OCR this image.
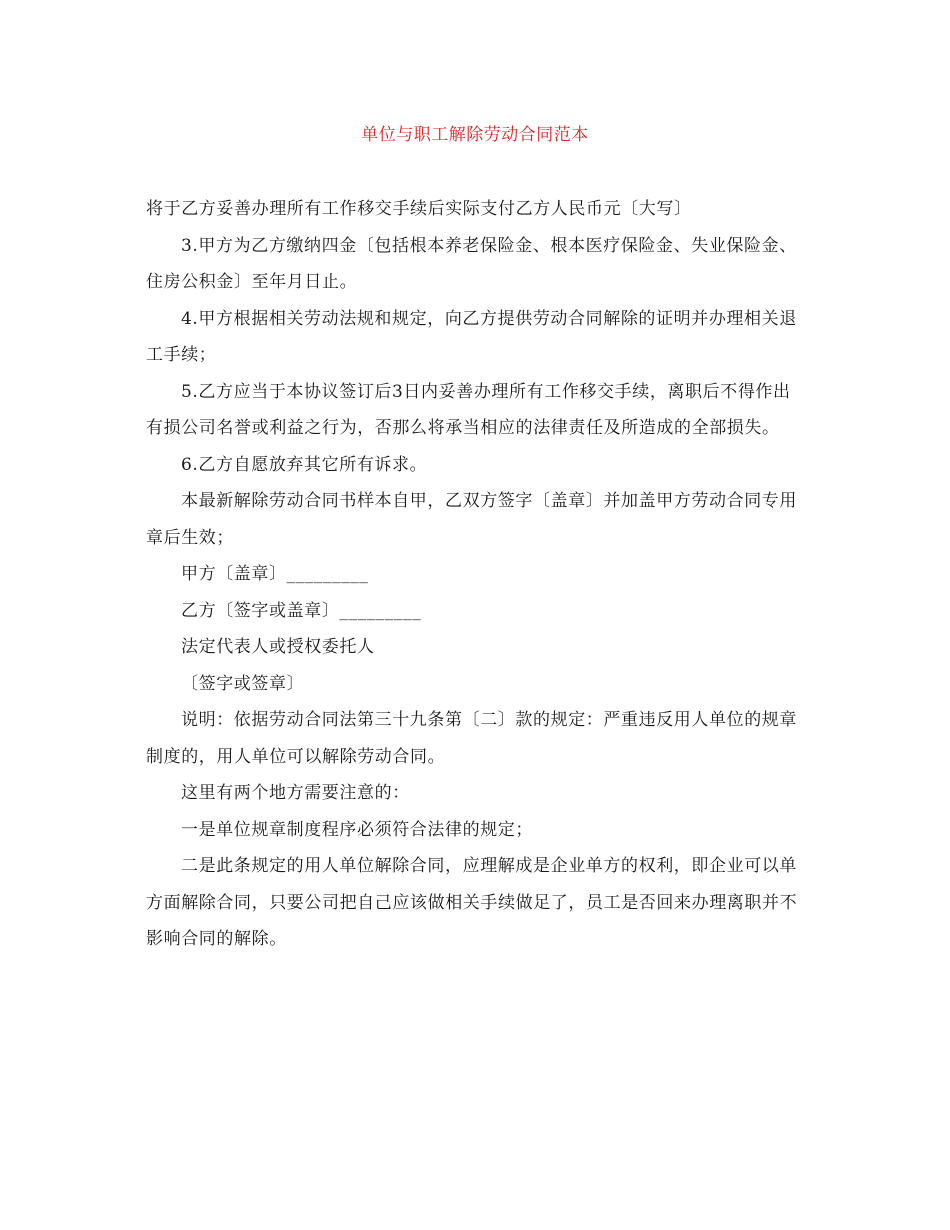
单位与职工解除劳动合同范本

将于乙方妥善办理所有工作移交手续后实际支付乙方人民币元〔大写〕

3.甲方为乙方缴纳四金〔包括根本养老保险金、根本医疗保险金、失业保险金、住房公积金〕至年月日止。

4.甲方根据相关劳动法规和规定，向乙方提供劳动合同解除的证明并办理相关退工手续；

5.乙方应当于本协议签订后3日内妥善办理所有工作移交手续，离职后不得作出有损公司名誉或利益之行为，否那么将承当相应的法律责任及所造成的全部损失。

6.乙方自愿放弃其它所有诉求。

本最新解除劳动合同书样本自甲，乙双方签字〔盖章〕并加盖甲方劳动合同专用章后生效；

甲方〔盖章〕_________

乙方〔签字或盖章〕_________

法定代表人或授权委托人

〔签字或签章〕

说明：依据劳动合同法第三十九条第〔二〕款的规定：严重违反用人单位的规章制度的，用人单位可以解除劳动合同。

这里有两个地方需要注意的：

一是单位规章制度程序必须符合法律的规定；

二是此条规定的用人单位解除合同，应理解成是企业单方的权利，即企业可以单方面解除合同，只要公司把自己应该做相关手续做足了，员工是否回来办理离职并不影响合同的解除。
